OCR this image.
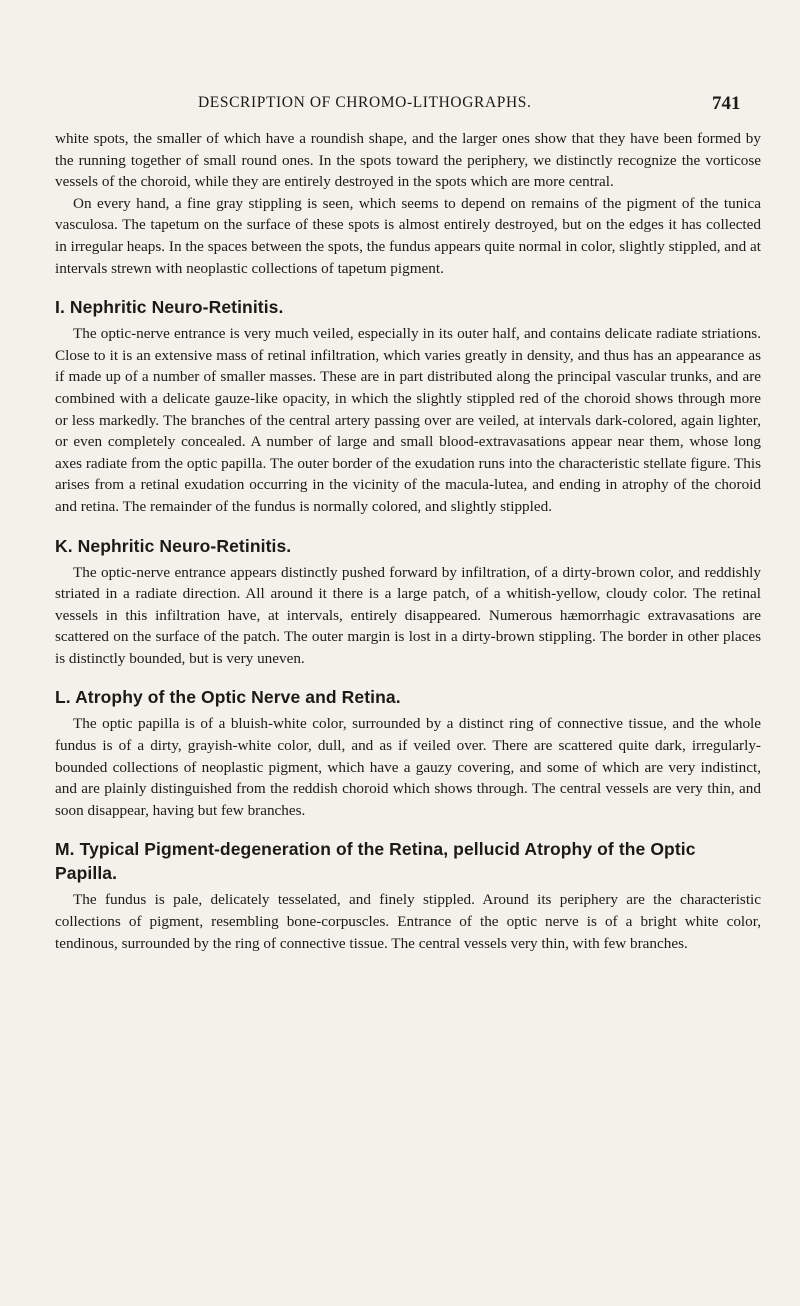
DESCRIPTION OF CHROMO-LITHOGRAPHS.	741

white spots, the smaller of which have a roundish shape, and the larger ones show that they have been formed by the running together of small round ones. In the spots toward the periphery, we distinctly recognize the vorticose vessels of the choroid, while they are entirely destroyed in the spots which are more central.

On every hand, a fine gray stippling is seen, which seems to depend on remains of the pigment of the tunica vasculosa. The tapetum on the surface of these spots is almost entirely destroyed, but on the edges it has collected in irregular heaps. In the spaces between the spots, the fundus appears quite normal in color, slightly stippled, and at intervals strewn with neoplastic collections of tapetum pigment.

I. Nephritic Neuro-Retinitis.

The optic-nerve entrance is very much veiled, especially in its outer half, and contains delicate radiate striations. Close to it is an extensive mass of retinal infiltration, which varies greatly in density, and thus has an appearance as if made up of a number of smaller masses. These are in part distributed along the principal vascular trunks, and are combined with a delicate gauze-like opacity, in which the slightly stippled red of the choroid shows through more or less markedly. The branches of the central artery passing over are veiled, at intervals dark-colored, again lighter, or even completely concealed. A number of large and small blood-extravasations appear near them, whose long axes radiate from the optic papilla. The outer border of the exudation runs into the characteristic stellate figure. This arises from a retinal exudation occurring in the vicinity of the macula-lutea, and ending in atrophy of the choroid and retina. The remainder of the fundus is normally colored, and slightly stippled.

K. Nephritic Neuro-Retinitis.

The optic-nerve entrance appears distinctly pushed forward by infiltration, of a dirty-brown color, and reddishly striated in a radiate direction. All around it there is a large patch, of a whitish-yellow, cloudy color. The retinal vessels in this infiltration have, at intervals, entirely disappeared. Numerous hæmorrhagic extravasations are scattered on the surface of the patch. The outer margin is lost in a dirty-brown stippling. The border in other places is distinctly bounded, but is very uneven.

L. Atrophy of the Optic Nerve and Retina.

The optic papilla is of a bluish-white color, surrounded by a distinct ring of connective tissue, and the whole fundus is of a dirty, grayish-white color, dull, and as if veiled over. There are scattered quite dark, irregularly-bounded collections of neoplastic pigment, which have a gauzy covering, and some of which are very indistinct, and are plainly distinguished from the reddish choroid which shows through. The central vessels are very thin, and soon disappear, having but few branches.

M. Typical Pigment-degeneration of the Retina, pellucid Atrophy of the Optic Papilla.

The fundus is pale, delicately tesselated, and finely stippled. Around its periphery are the characteristic collections of pigment, resembling bone-corpuscles. Entrance of the optic nerve is of a bright white color, tendinous, surrounded by the ring of connective tissue. The central vessels very thin, with few branches.
